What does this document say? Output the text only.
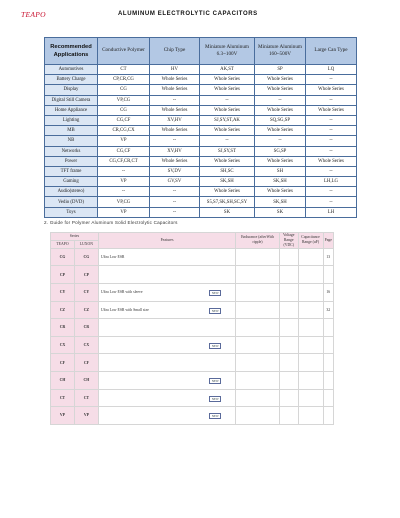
TEAPO	ALUMINUM ELECTROLYTIC CAPACITORS
Recommended Applications	Conductive Polymer	Chip Type	Miniature Aluminum 6.3~100V	Miniature Aluminum 160~500V	Large Can Type
Automotives	CT	HV	AK,ST	SP	LQ
Battery Charge	CP,CR,CG	Whole Series	Whole Series	Whole Series	--
Display	CG	Whole Series	Whole Series	Whole Series	Whole Series
Digital Still Camera	VP,CG	--	--	--	--
Home Appliance	CG	Whole Series	Whole Series	Whole Series	Whole Series
Lighting	CG,CF	XV,HV	SJ,SY,ST,AK	SQ,SG,SP	--
MB	CR,CG,CX	Whole Series	Whole Series	Whole Series	--
NB	VP	--	--	--	--
Networks	CG,CF	XV,HV	SJ,SY,ST	SG,SP	--
Power	CG,CF,CR,CT	Whole Series	Whole Series	Whole Series	Whole Series
TFT frame	--	SV,DV	SH,SC	SH	--
Gaming	VP	GV,SV	SK,SH	SK,SH	LH,LG
Audio(stereo)	--	--	Whole Series	Whole Series	--
Vedio (DVD)	VP,CG	--	S5,S7,SK,SH,SC,SY	SK,SH	--
Toys	VP	--	SK	SK	LH
2. Guide for Polymer Aluminum Solid Electrolytic Capacitors
Series		Features	Endurance (afterWith ripple)	Voltage Range (VDC)	Capacitance Range (uF)	Page
TEAPO	LUXON					
CG	CG	Ultra Low ESR				13
CP	CP					
CY	CY	Ultra Low ESR with sleeve NEW				16
CZ	CZ	Ultra Low ESR with Small size NEW				32
CR	CR					
CX	CX	NEW				

CF	CF					
CH	CH	NEW				

CT	CT	NEW				

VP	VP	NEW				
